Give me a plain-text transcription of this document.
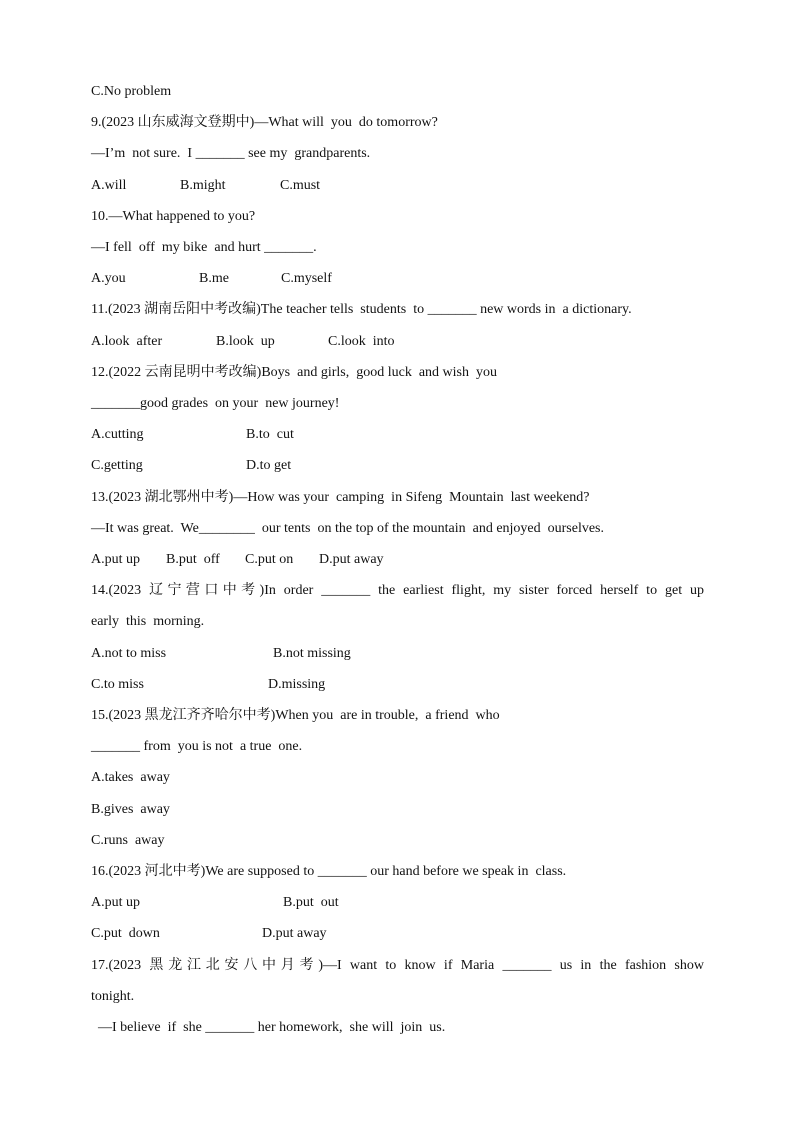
C.No problem
9.(2023 山东威海文登期中)—What will  you  do tomorrow?
—I’m  not sure.  I _______ see my  grandparents.

A.will

	B.might

	C.must

10.—What happened to you?
—I fell  off  my bike  and hurt _______.

A.you

	B.me

	C.myself

11.(2023 湖南岳阳中考改编)The teacher tells  students  to _______ new words in  a dictionary.

A.look  after

	B.look  up

	C.look  into

12.(2022 云南昆明中考改编)Boys  and girls,  good luck  and wish  you
_______good grades  on your  new journey!

A.cutting

	B.to  cut

C.getting

	D.to get

13.(2023 湖北鄂州中考)—How was your  camping  in Sifeng  Mountain  last weekend?
—It was great.  We________  our tents  on the top of the mountain  and enjoyed  ourselves.

A.put up

B.put  off

C.put on

D.put away

14.(2023 辽宁营口中考)In order _______ the earliest flight, my sister forced herself to get up
early  this  morning.

A.not to miss

	B.not missing

C.to miss

	D.missing

15.(2023 黑龙江齐齐哈尔中考)When you  are in trouble,  a friend  who
_______ from  you is not  a true  one.
A.takes  away
B.gives  away
C.runs  away
16.(2023 河北中考)We are supposed to _______ our hand before we speak in  class.

A.put up

	B.put  out

C.put  down

	D.put away

17.(2023 黑龙江北安八中月考)—I want to know if Maria _______ us in the fashion show
tonight.
—I believe  if  she _______ her homework,  she will  join  us.
